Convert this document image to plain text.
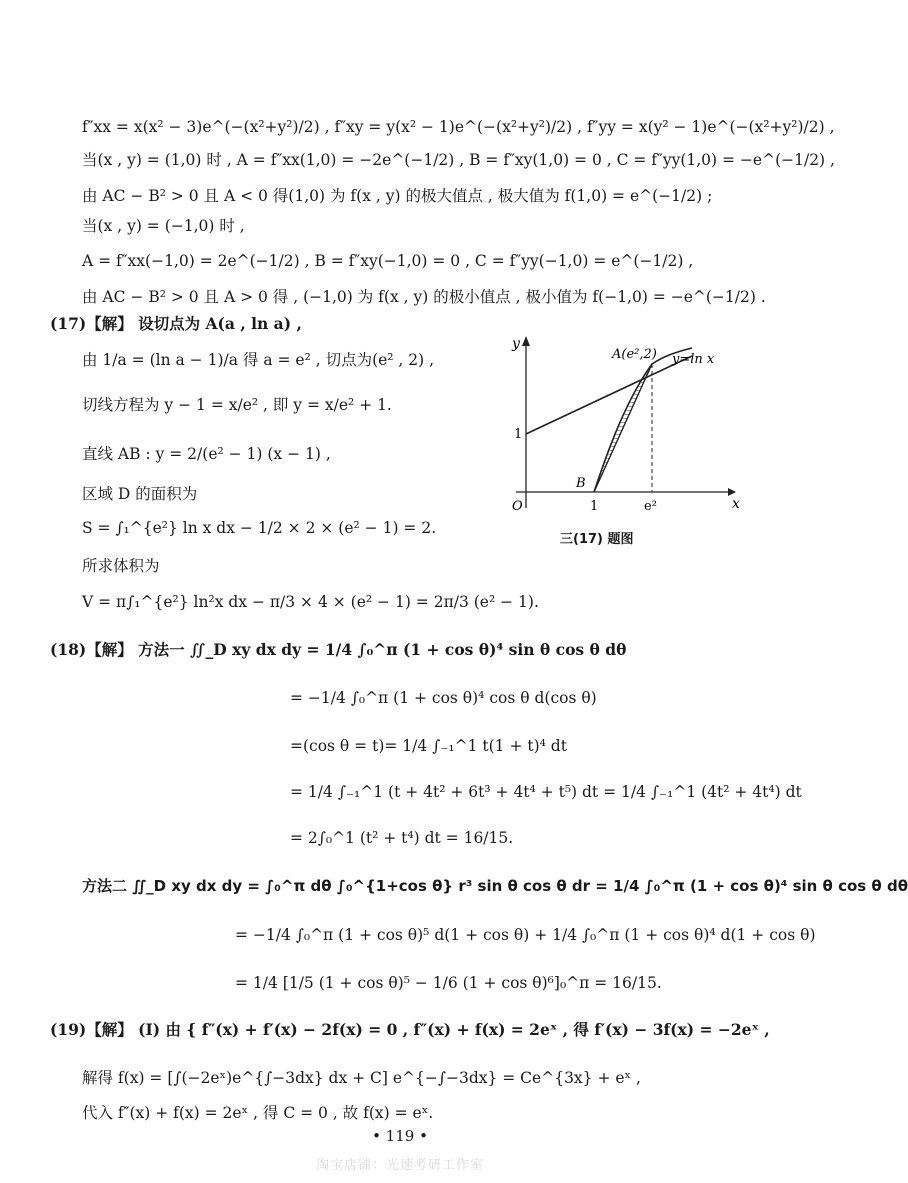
f″xx = x(x² − 3)e^(−(x²+y²)/2) , f″xy = y(x² − 1)e^(−(x²+y²)/2) , f″yy = x(y² − 1)e^(−(x²+y²)/2) ,
当(x , y) = (1,0) 时 , A = f″xx(1,0) = −2e^(−1/2) , B = f″xy(1,0) = 0 , C = f″yy(1,0) = −e^(−1/2) ,
由 AC − B² > 0 且 A < 0 得(1,0) 为 f(x , y) 的极大值点 , 极大值为 f(1,0) = e^(−1/2) ;
当(x , y) = (−1,0) 时 ,
A = f″xx(−1,0) = 2e^(−1/2) , B = f″xy(−1,0) = 0 , C = f″yy(−1,0) = e^(−1/2) ,
由 AC − B² > 0 且 A > 0 得 , (−1,0) 为 f(x , y) 的极小值点 , 极小值为 f(−1,0) = −e^(−1/2) .
(17)【解】 设切点为 A(a , ln a) ,
由 1/a = (ln a − 1)/a 得 a = e² , 切点为(e² , 2) ,
切线方程为 y − 1 = x/e² , 即 y = x/e² + 1.
直线 AB : y = 2/(e² − 1) (x − 1) ,
区域 D 的面积为
S = ∫₁^{e²} ln x dx − 1/2 × 2 × (e² − 1) = 2.
所求体积为
V = π∫₁^{e²} ln²x dx − π/3 × 4 × (e² − 1) = 2π/3 (e² − 1).
(18)【解】 方法一 ∬_D xy dx dy = 1/4 ∫₀^π (1 + cos θ)⁴ sin θ cos θ dθ
= −1/4 ∫₀^π (1 + cos θ)⁴ cos θ d(cos θ)
=(cos θ = t)= 1/4 ∫₋₁^1 t(1 + t)⁴ dt
= 1/4 ∫₋₁^1 (t + 4t² + 6t³ + 4t⁴ + t⁵) dt = 1/4 ∫₋₁^1 (4t² + 4t⁴) dt
= 2∫₀^1 (t² + t⁴) dt = 16/15.
方法二 ∬_D xy dx dy = ∫₀^π dθ ∫₀^{1+cos θ} r³ sin θ cos θ dr = 1/4 ∫₀^π (1 + cos θ)⁴ sin θ cos θ dθ
= −1/4 ∫₀^π (1 + cos θ)⁵ d(1 + cos θ) + 1/4 ∫₀^π (1 + cos θ)⁴ d(1 + cos θ)
= 1/4 [1/5 (1 + cos θ)⁵ − 1/6 (1 + cos θ)⁶]₀^π = 16/15.
(19)【解】 (Ⅰ) 由 { f″(x) + f′(x) − 2f(x) = 0 , f″(x) + f(x) = 2eˣ , 得 f′(x) − 3f(x) = −2eˣ ,
解得 f(x) = [∫(−2eˣ)e^{∫−3dx} dx + C] e^{−∫−3dx} = Ce^{3x} + eˣ ,
代入 f″(x) + f(x) = 2eˣ , 得 C = 0 , 故 f(x) = eˣ.
y
x
O
1
1	e²
A(e²,2)
B
y=ln x
三(17) 题图
• 119 •
淘宝店铺：光速考研工作室
